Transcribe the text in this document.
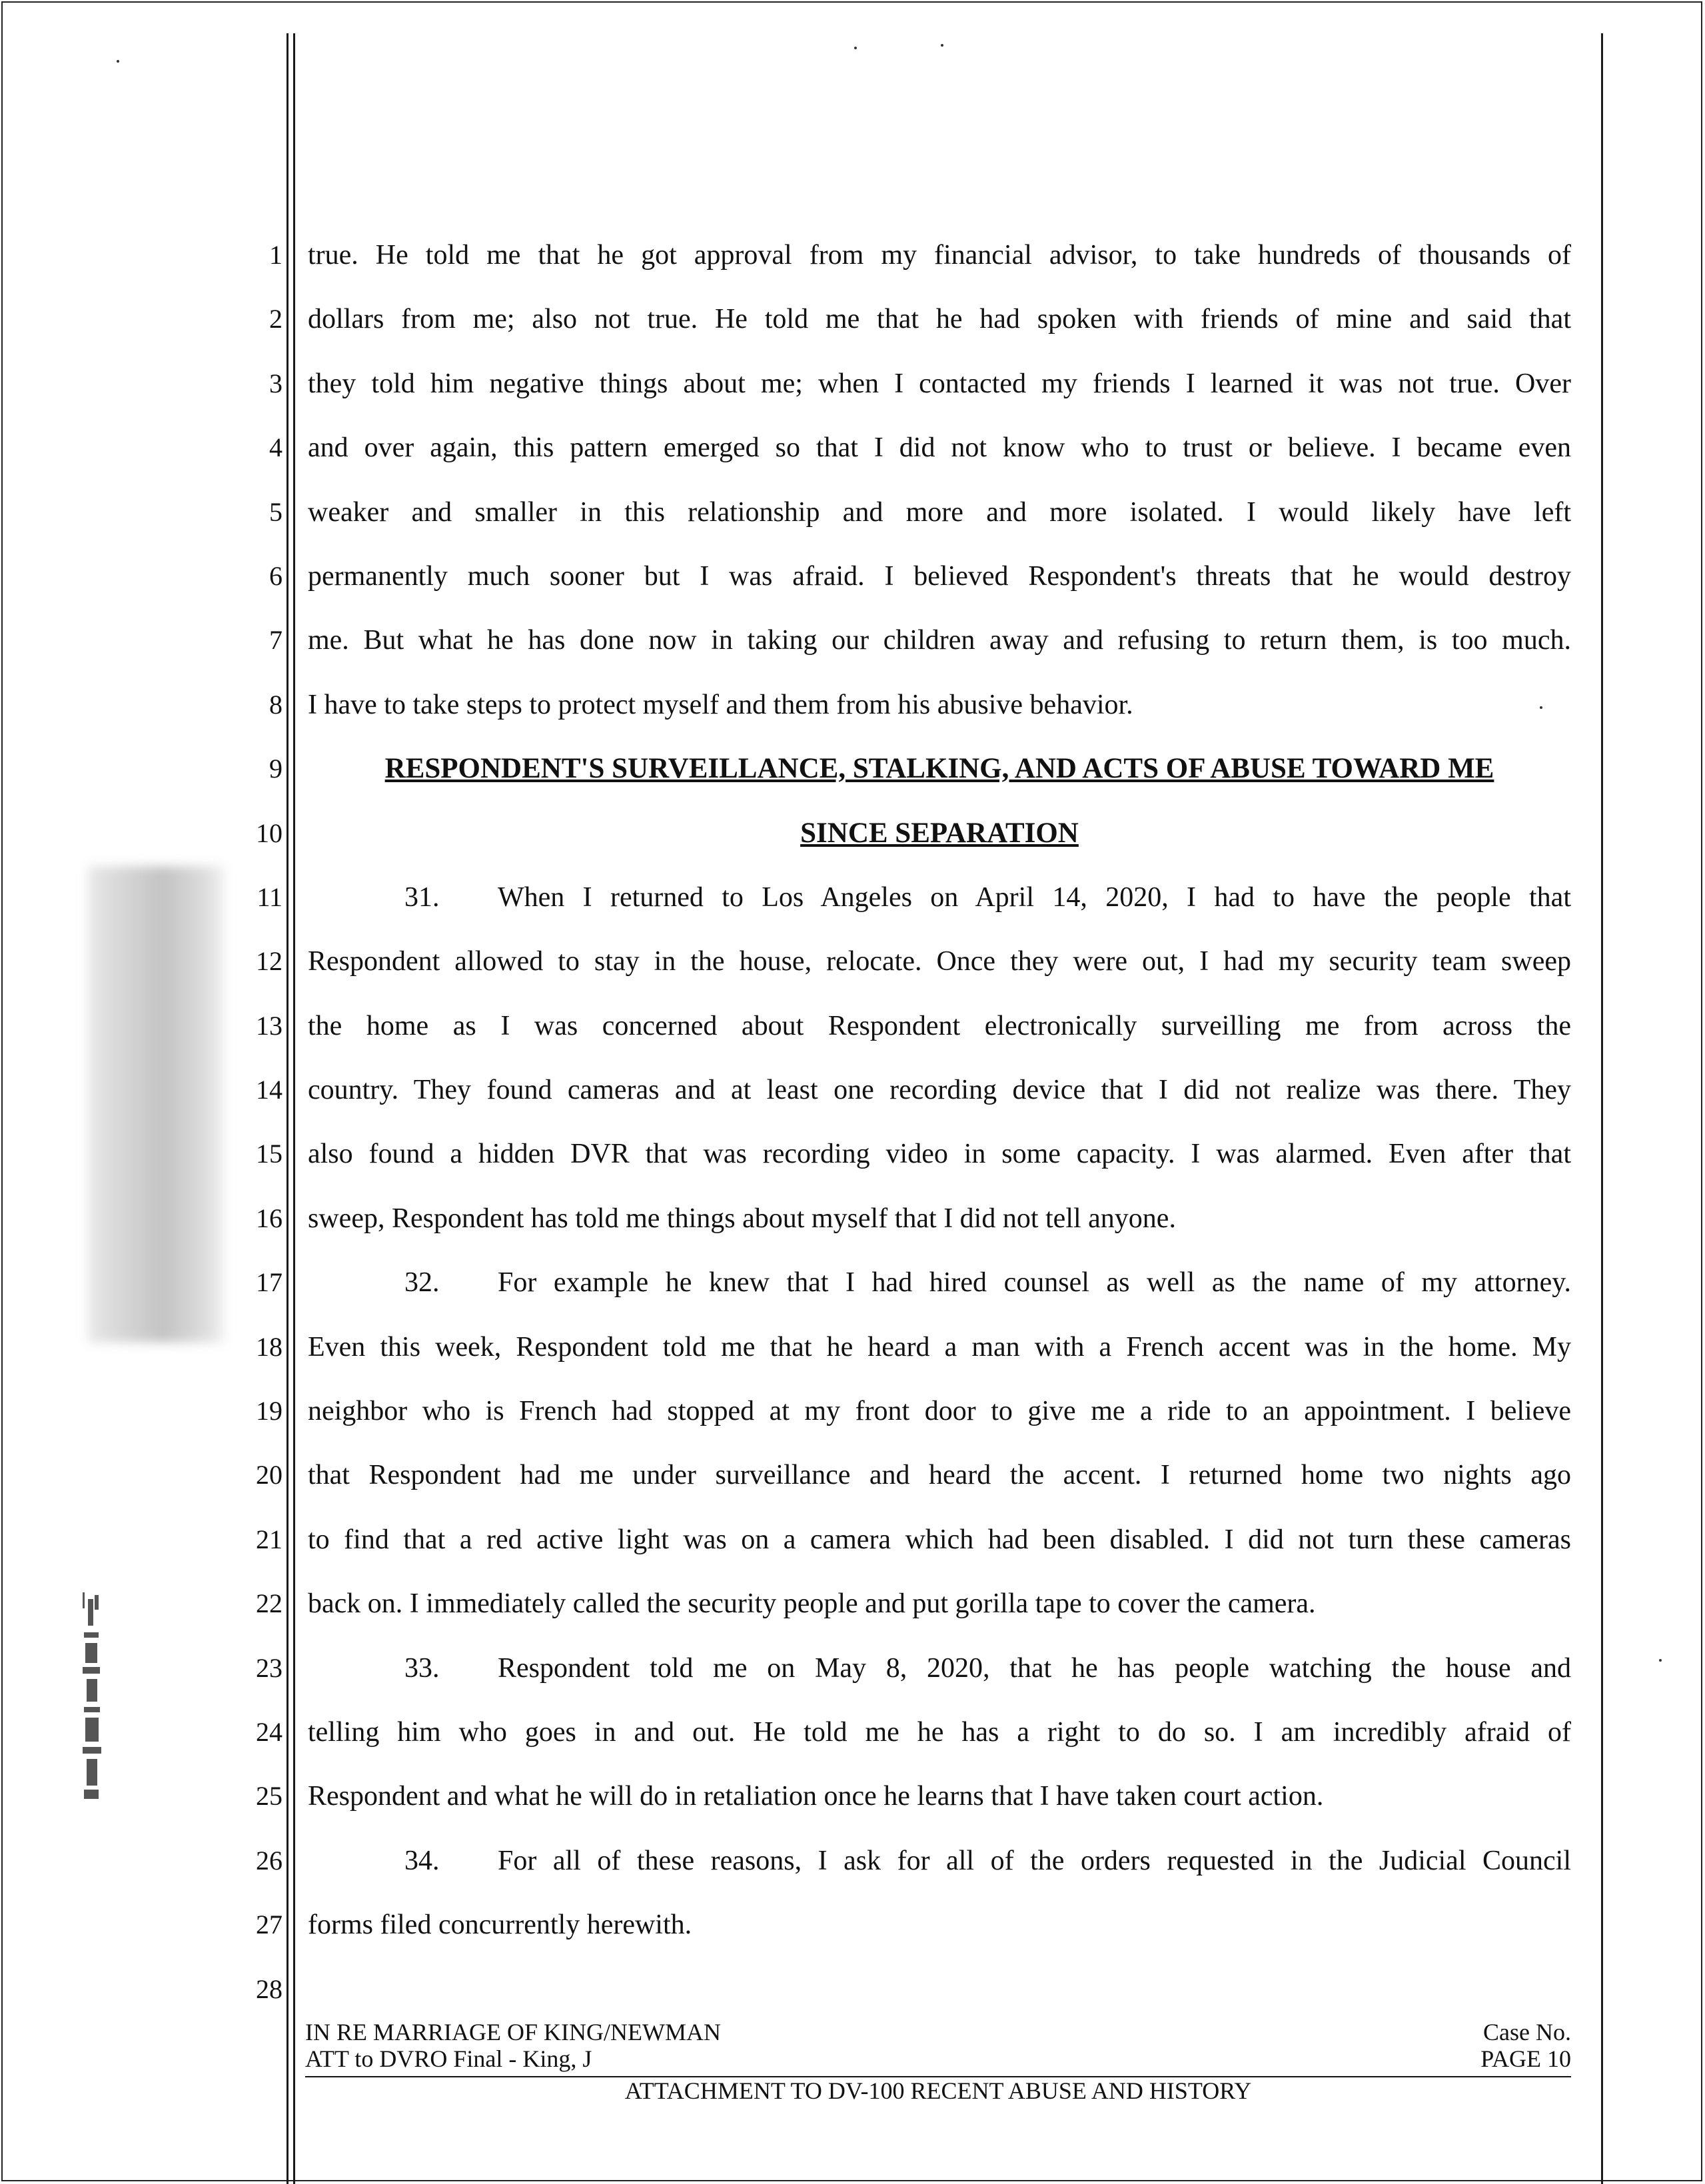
1
2
3
4
5
6
7
8
9
10
11
12
13
14
15
16
17
18
19
20
21
22
23
24
25
26
27
28
true. He told me that he got approval from my financial advisor, to take hundreds of thousands of
dollars from me; also not true. He told me that he had spoken with friends of mine and said that
they told him negative things about me; when I contacted my friends I learned it was not true. Over
and over again, this pattern emerged so that I did not know who to trust or believe. I became even
weaker and smaller in this relationship and more and more isolated. I would likely have left
permanently much sooner but I was afraid. I believed Respondent's threats that he would destroy
me. But what he has done now in taking our children away and refusing to return them, is too much.
I have to take steps to protect myself and them from his abusive behavior.
RESPONDENT'S SURVEILLANCE, STALKING, AND ACTS OF ABUSE TOWARD ME
SINCE SEPARATION
31. When I returned to Los Angeles on April 14, 2020, I had to have the people that
Respondent allowed to stay in the house, relocate. Once they were out, I had my security team sweep
the home as I was concerned about Respondent electronically surveilling me from across the
country. They found cameras and at least one recording device that I did not realize was there. They
also found a hidden DVR that was recording video in some capacity. I was alarmed. Even after that
sweep, Respondent has told me things about myself that I did not tell anyone.
32. For example he knew that I had hired counsel as well as the name of my attorney.
Even this week, Respondent told me that he heard a man with a French accent was in the home. My
neighbor who is French had stopped at my front door to give me a ride to an appointment. I believe
that Respondent had me under surveillance and heard the accent. I returned home two nights ago
to find that a red active light was on a camera which had been disabled. I did not turn these cameras
back on. I immediately called the security people and put gorilla tape to cover the camera.
33. Respondent told me on May 8, 2020, that he has people watching the house and
telling him who goes in and out. He told me he has a right to do so. I am incredibly afraid of
Respondent and what he will do in retaliation once he learns that I have taken court action.
34. For all of these reasons, I ask for all of the orders requested in the Judicial Council
forms filed concurrently herewith.
IN RE MARRIAGE OF KING/NEWMAN	Case No.
ATT to DVRO Final - King, J	PAGE 10
ATTACHMENT TO DV-100 RECENT ABUSE AND HISTORY
